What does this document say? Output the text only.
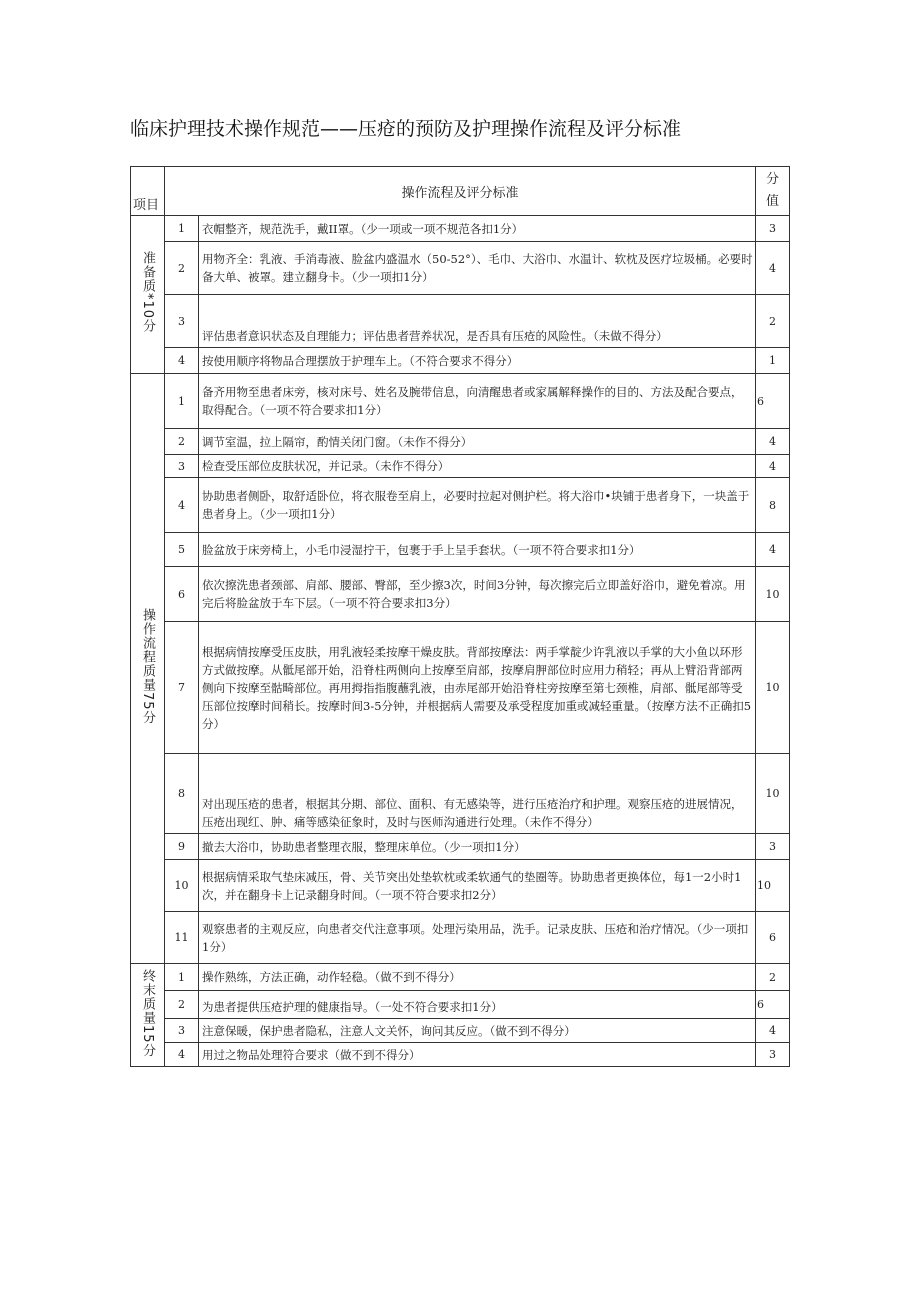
临床护理技术操作规范——压疮的预防及护理操作流程及评分标准
项目	操作流程及评分标准		分
值
准备质*10分	1	衣帽整齐，规范洗手，戴II罩。（少一项或一项不规范各扣1分）	3
	2	用物齐全：乳液、手消毒液、脸盆内盛温水（50-52°）、毛巾、大浴巾、水温计、软枕及医疗垃圾桶。必要时备大单、被罩。建立翻身卡。（少一项扣1分）	4
	3	评估患者意识状态及自理能力；评估患者营养状况，是否具有压疮的风险性。（未做不得分）	2
	4	按使用顺序将物品合理摆放于护理车上。（不符合要求不得分）	1
操作流程质量75分	1	备齐用物至患者床旁，核对床号、姓名及腕带信息，向清醒患者或家属解释操作的目的、方法及配合要点，取得配合。（一项不符合要求扣1分）	6
	2	调节室温，拉上隔帘，酌情关闭门窗。（未作不得分）	4
	3	检查受压部位皮肤状况，并记录。（未作不得分）	4
	4	协助患者侧卧，取舒适卧位，将衣服卷至肩上，必要时拉起对侧护栏。将大浴巾•块铺于患者身下，一块盖于患者身上。（少一项扣1分）	8
	5	脸盆放于床旁椅上，小毛巾浸湿拧干，包裹于手上呈手套状。（一项不符合要求扣1分）	4
	6	依次擦洗患者颈部、肩部、腰部、臀部，至少擦3次，时间3分钟，每次擦完后立即盖好浴巾，避免着凉。用完后将脸盆放于车下层。（一项不符合要求扣3分）	10
	7	根据病情按摩受压皮肤，用乳液轻柔按摩干燥皮肤。背部按摩法：两手掌靛少许乳液以手掌的大小鱼以环形方式做按摩。从骶尾部开始，沿脊柱两侧向上按摩至肩部，按摩肩胛部位时应用力稍轻；再从上臂沿背部两侧向下按摩至骷畸部位。再用拇指指腹蘸乳液，由赤尾部开始沿脊柱旁按摩至第七颈椎，肩部、骶尾部等受压部位按摩时间稍长。按摩时间3-5分钟，并根据病人需要及承受程度加重或减轻重量。（按摩方法不正确扣5分）	10
	8	对出现压疮的患者，根据其分期、部位、面积、有无感染等，进行压疮治疗和护理。观察压疮的进展情况，压疮出现红、肿、痛等感染征象时，及时与医师沟通进行处理。（未作不得分）	10
	9	撤去大浴巾，协助患者整理衣服，整理床单位。（少一项扣1分）	3
	10	根据病情采取气垫床减压，骨、关节突出处垫软枕或柔软通气的垫圈等。协助患者更换体位，每1一2小时1次，并在翻身卡上记录翻身时间。（一项不符合要求扣2分）	10
	11	观察患者的主观反应，向患者交代注意事项。处理污染用品，洗手。记录皮肤、压疮和治疗情况。（少一项扣1分）	6
终末质量15分	1	操作熟练，方法正确，动作轻稳。（做不到不得分）	2
	2	为患者提供压疮护理的健康指导。（一处不符合要求扣1分）	6
	3	注意保暖，保护患者隐私，注意人文关怀，询问其反应。（做不到不得分）	4
	4	用过之物品处理符合要求（做不到不得分）	3
